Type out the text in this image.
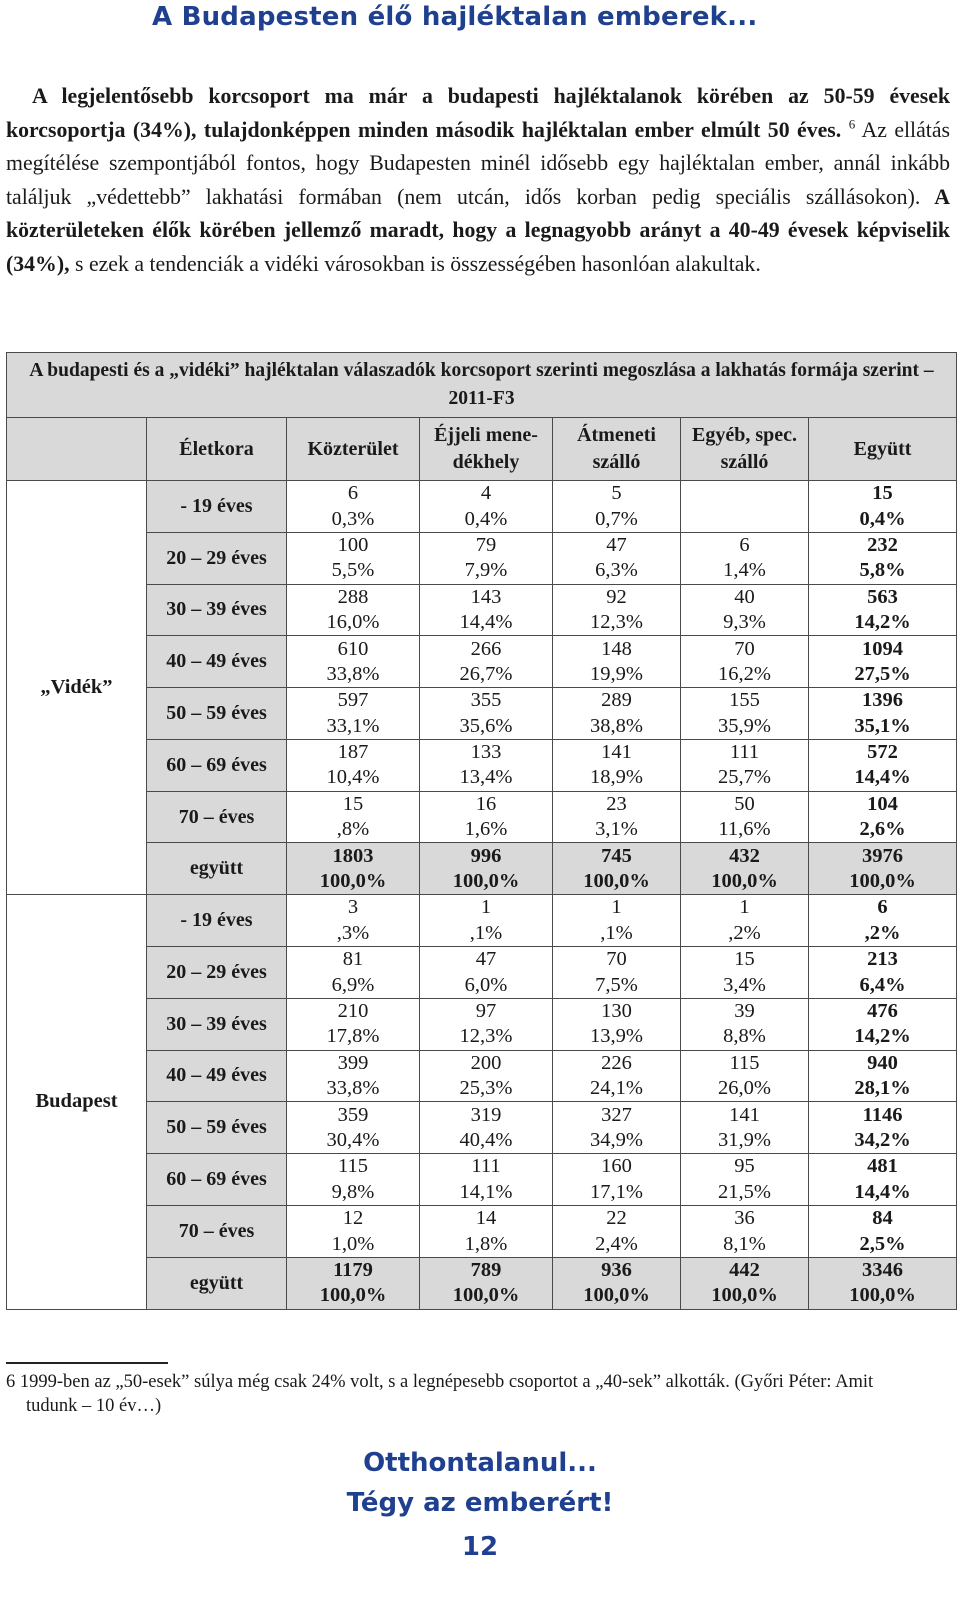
A Budapesten élő hajléktalan emberek...
A legjelentősebb korcsoport ma már a budapesti hajléktalanok körében az 50-59 évesek korcsoportja (34%), tulajdonképpen minden második hajléktalan ember elmúlt 50 éves. $^6$ Az ellátás megítélése szempontjából fontos, hogy Budapesten minél idősebb egy hajléktalan ember, annál inkább találjuk „védettebb” lakhatási formában (nem utcán, idős korban pedig speciális szállásokon). A közterületeken élők körében jellemző maradt, hogy a legnagyobb arányt a 40-49 évesek képviselik (34%), s ezek a tendenciák a vidéki városokban is összességében hasonlóan alakultak.
A budapesti és a „vidéki” hajléktalan válaszadók korcsoport szerinti megoszlása a lakhatás formája szerint – 2011-F3						
	Életkora	Közterület	Éjjeli mene-dékhely	Átmeneti szálló	Egyéb, spec. szálló	Együtt
„Vidék”	- 19 éves	6	4	5		15
		0,3%	0,4%	0,7%		0,4%
	20 – 29 éves	100	79	47	6	232
		5,5%	7,9%	6,3%	1,4%	5,8%
	30 – 39 éves	288	143	92	40	563
		16,0%	14,4%	12,3%	9,3%	14,2%
	40 – 49 éves	610	266	148	70	1094
		33,8%	26,7%	19,9%	16,2%	27,5%
	50 – 59 éves	597	355	289	155	1396
		33,1%	35,6%	38,8%	35,9%	35,1%
	60 – 69 éves	187	133	141	111	572
		10,4%	13,4%	18,9%	25,7%	14,4%
	70 – éves	15	16	23	50	104
		,8%	1,6%	3,1%	11,6%	2,6%
	együtt	1803	996	745	432	3976
		100,0%	100,0%	100,0%	100,0%	100,0%
Budapest	- 19 éves	3	1	1	1	6
		,3%	,1%	,1%	,2%	,2%
	20 – 29 éves	81	47	70	15	213
		6,9%	6,0%	7,5%	3,4%	6,4%
	30 – 39 éves	210	97	130	39	476
		17,8%	12,3%	13,9%	8,8%	14,2%
	40 – 49 éves	399	200	226	115	940
		33,8%	25,3%	24,1%	26,0%	28,1%
	50 – 59 éves	359	319	327	141	1146
		30,4%	40,4%	34,9%	31,9%	34,2%
	60 – 69 éves	115	111	160	95	481
		9,8%	14,1%	17,1%	21,5%	14,4%
	70 – éves	12	14	22	36	84
		1,0%	1,8%	2,4%	8,1%	2,5%
	együtt	1179	789	936	442	3346
		100,0%	100,0%	100,0%	100,0%	100,0%
6 1999-ben az „50-esek” súlya még csak 24% volt, s a legnépesebb csoportot a „40-sek” alkották. (Győri Péter: Amit
tudunk – 10 év…)
Otthontalanul...
Tégy az emberért!
12
